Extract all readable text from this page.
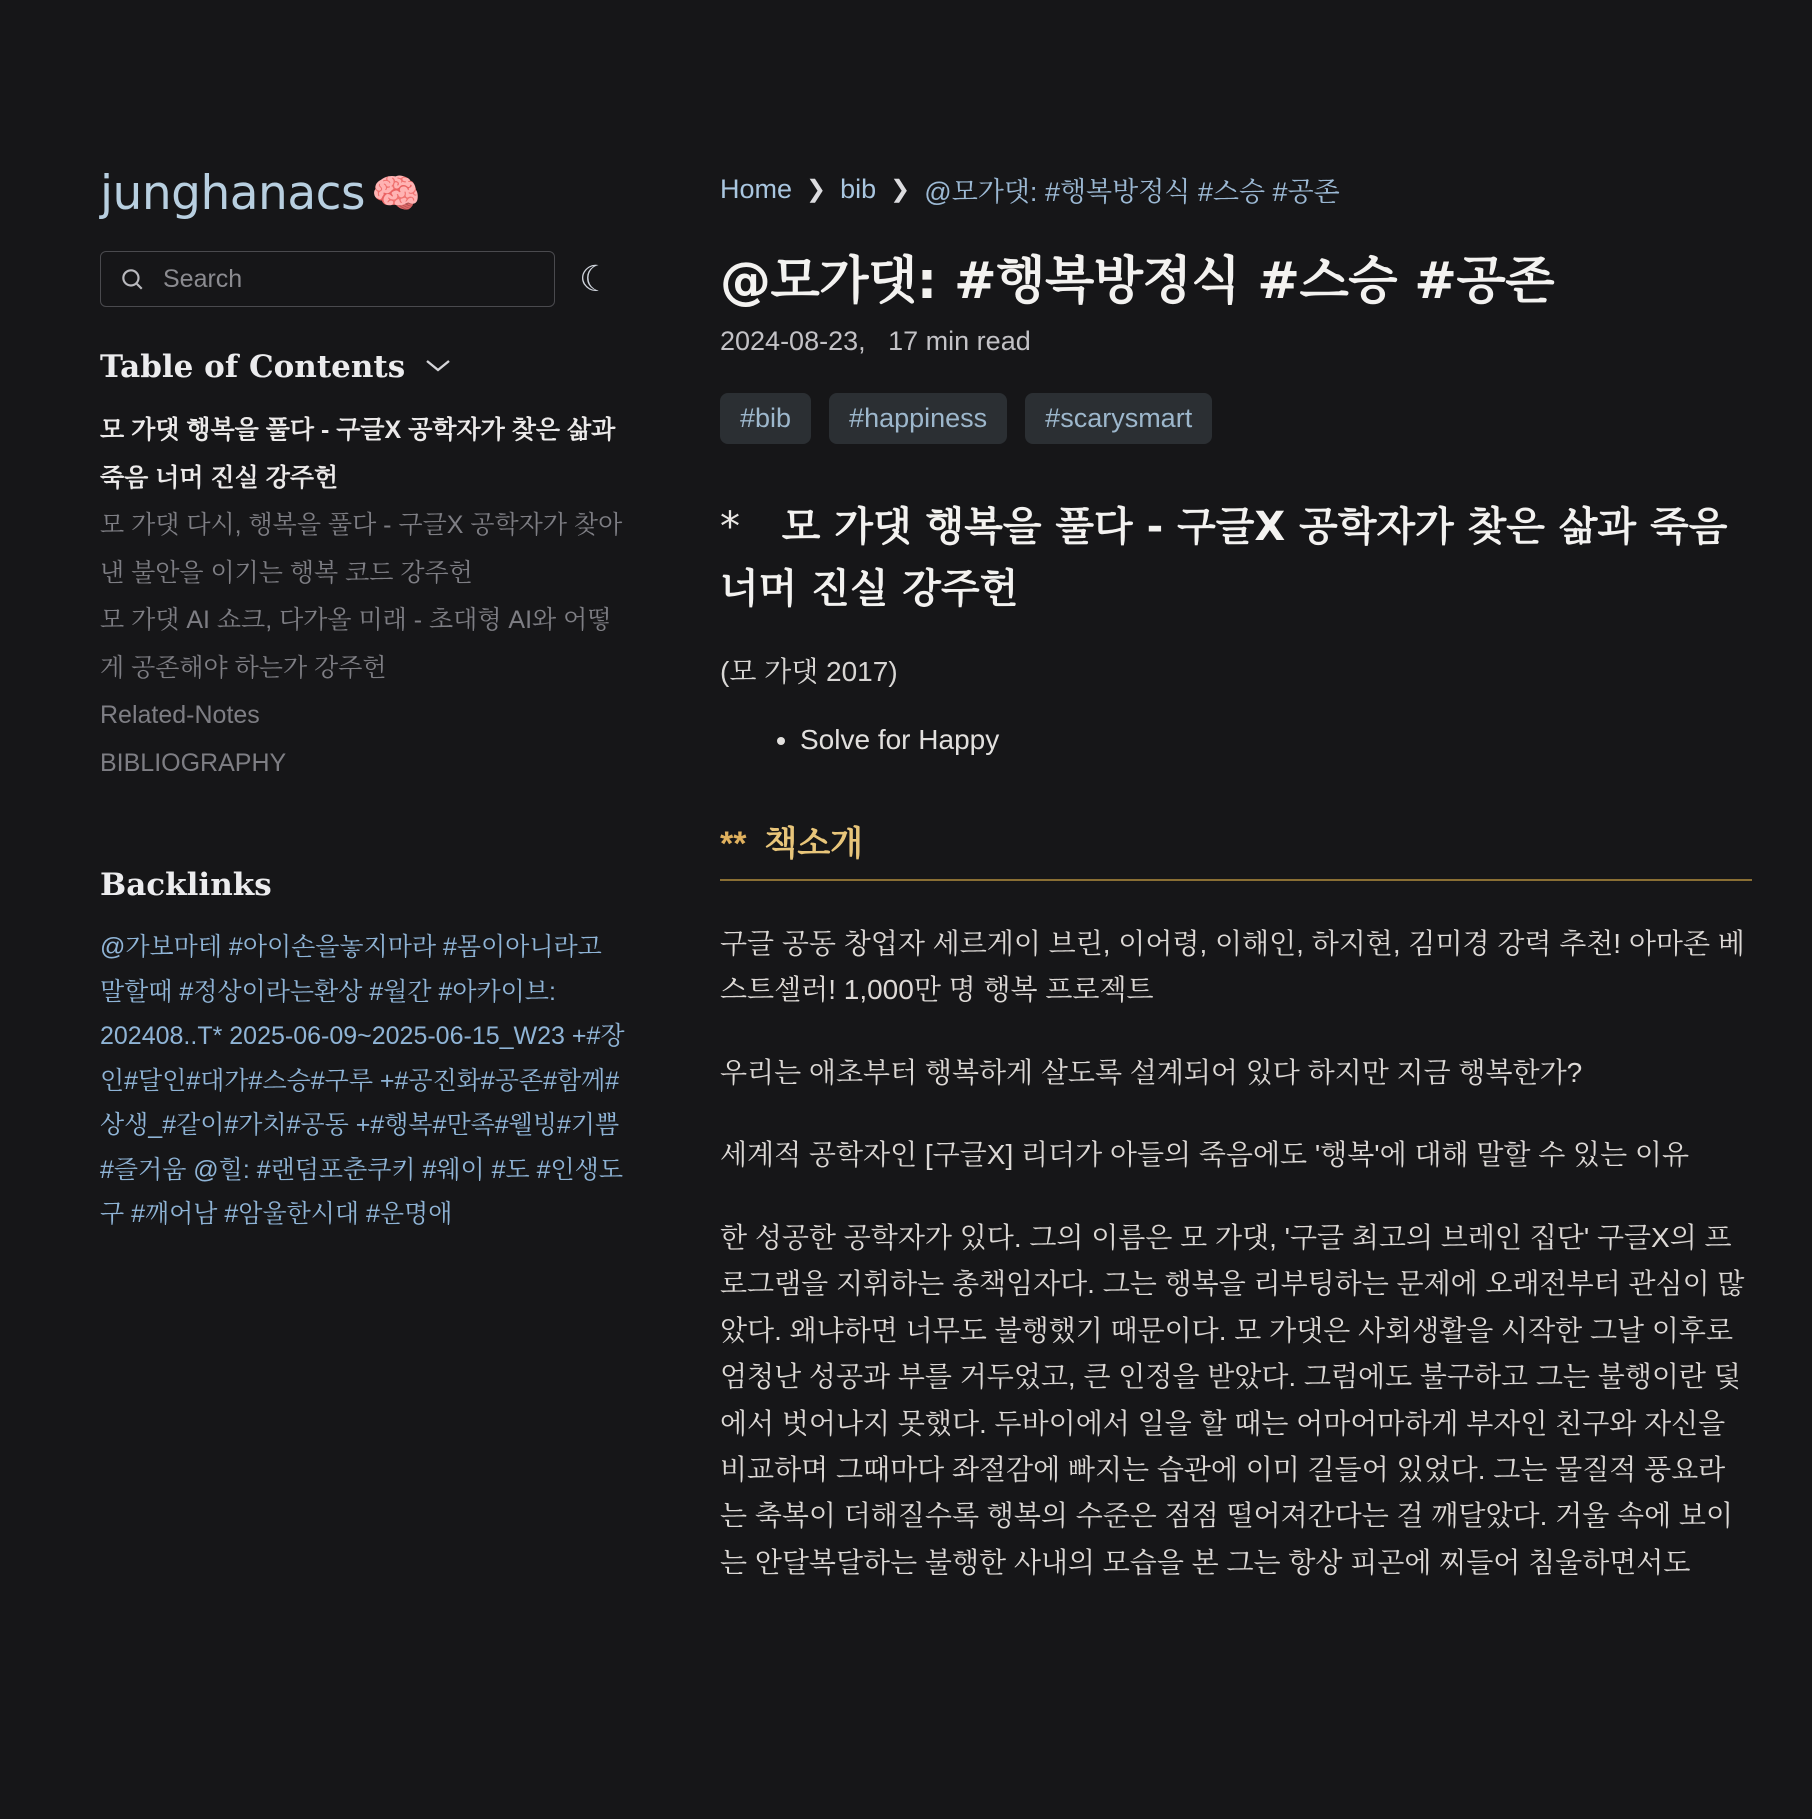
junghanacs 🧠
Search
☾
Table of Contents
모 가댓 행복을 풀다 - 구글X 공학자가 찾은 삶과 죽음 너머 진실 강주헌
모 가댓 다시, 행복을 풀다 - 구글X 공학자가 찾아낸 불안을 이기는 행복 코드 강주헌
모 가댓 AI 쇼크, 다가올 미래 - 초대형 AI와 어떻게 공존해야 하는가 강주헌
Related-Notes
BIBLIOGRAPHY
Backlinks
@가보마테 #아이손을놓지마라 #몸이아니라고말할때 #정상이라는환상 #월간 #아카이브: 202408..T* 2025-06-09~2025-06-15_W23 +#장인#달인#대가#스승#구루 +#공진화#공존#함께#상생_#같이#가치#공동 +#행복#만족#웰빙#기쁨#즐거움 @힐: #랜덤포춘쿠키 #웨이 #도 #인생도구 #깨어남 #암울한시대 #운명애
Home ❯ bib ❯ @모가댓: #행복방정식 #스승 #공존
@모가댓: #행복방정식 #스승 #공존
2024-08-23, 17 min read
#bib	#happiness	#scarysmart
* 모 가댓 행복을 풀다 - 구글X 공학자가 찾은 삶과 죽음 너머 진실 강주헌

(모 가댓 2017)

• Solve for Happy
** 책소개

구글 공동 창업자 세르게이 브린, 이어령, 이해인, 하지현, 김미경 강력 추천! 아마존 베스트셀러! 1,000만 명 행복 프로젝트

우리는 애초부터 행복하게 살도록 설계되어 있다 하지만 지금 행복한가?

세계적 공학자인 [구글X] 리더가 아들의 죽음에도 '행복'에 대해 말할 수 있는 이유

한 성공한 공학자가 있다. 그의 이름은 모 가댓, '구글 최고의 브레인 집단' 구글X의 프로그램을 지휘하는 총책임자다. 그는 행복을 리부팅하는 문제에 오래전부터 관심이 많았다. 왜냐하면 너무도 불행했기 때문이다. 모 가댓은 사회생활을 시작한 그날 이후로 엄청난 성공과 부를 거두었고, 큰 인정을 받았다. 그럼에도 불구하고 그는 불행이란 덫에서 벗어나지 못했다. 두바이에서 일을 할 때는 어마어마하게 부자인 친구와 자신을 비교하며 그때마다 좌절감에 빠지는 습관에 이미 길들어 있었다. 그는 물질적 풍요라는 축복이 더해질수록 행복의 수준은 점점 떨어져간다는 걸 깨달았다. 거울 속에 보이는 안달복달하는 불행한 사내의 모습을 본 그는 항상 피곤에 찌들어 침울하면서도
